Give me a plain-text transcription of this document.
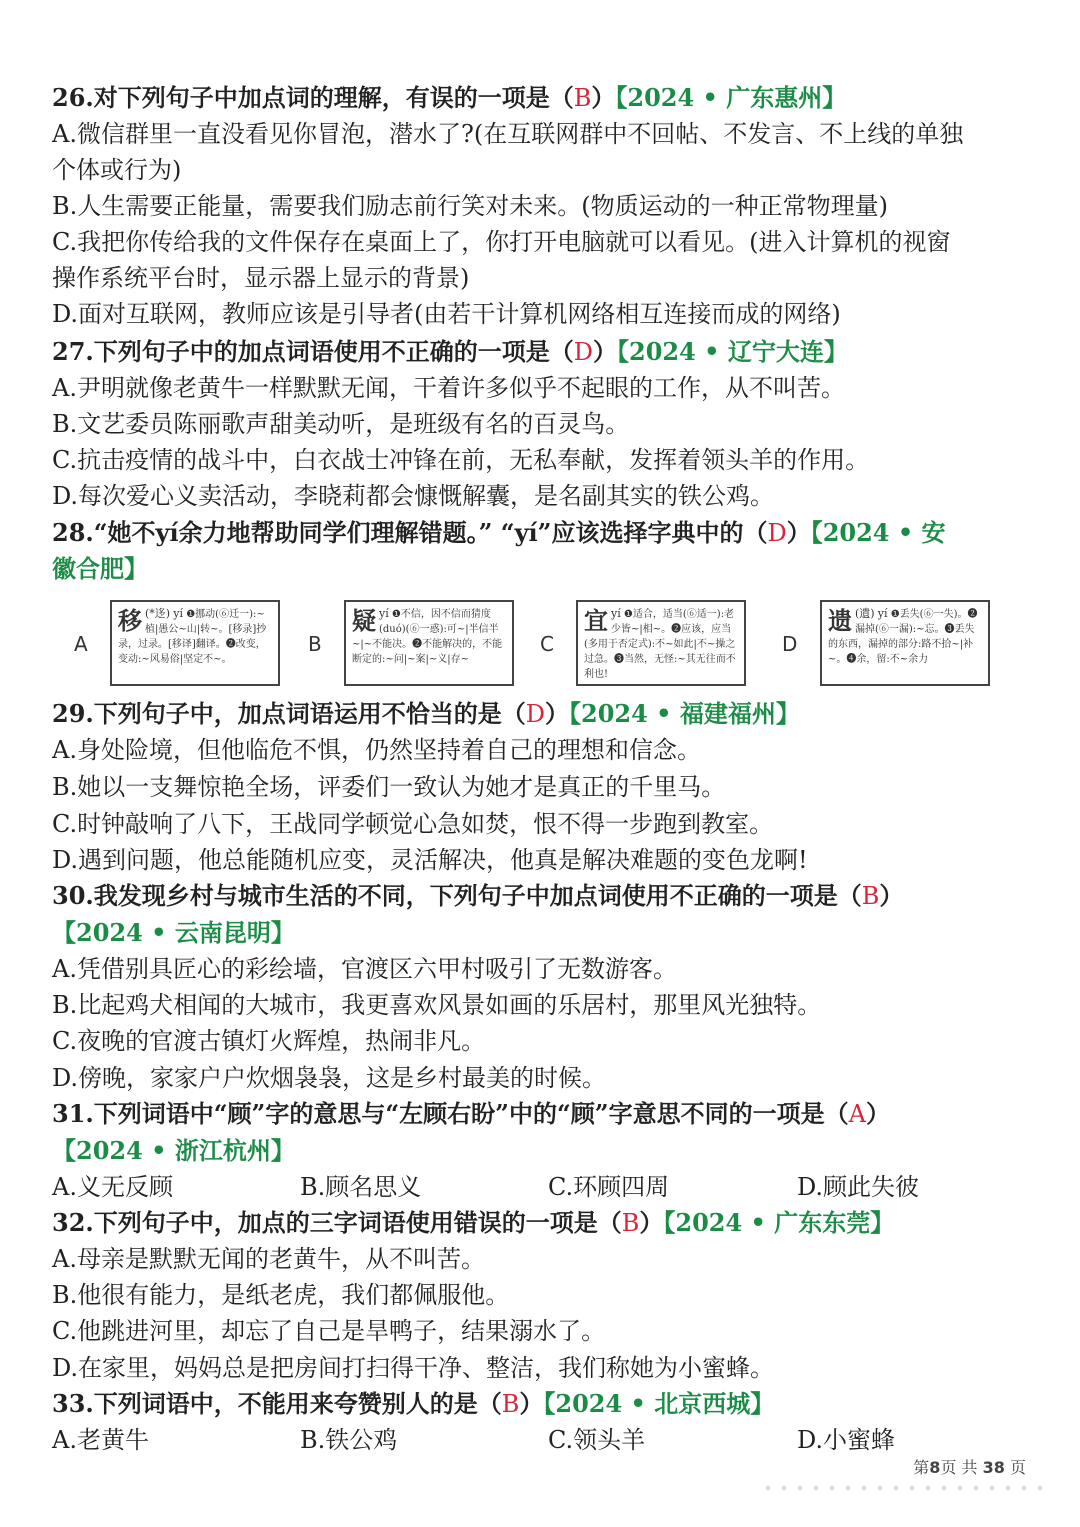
26.对下列句子中加点词的理解，有误的一项是（B）【2024 • 广东惠州】
A.微信群里一直没看见你冒泡，潜水了?(在互联网群中不回帖、不发言、不上线的单独
个体或行为)
B.人生需要正能量，需要我们励志前行笑对未来。(物质运动的一种正常物理量)
C.我把你传给我的文件保存在桌面上了，你打开电脑就可以看见。(进入计算机的视窗
操作系统平台时，显示器上显示的背景)
D.面对互联网，教师应该是引导者(由若干计算机网络相互连接而成的网络)
27.下列句子中的加点词语使用不正确的一项是（D）【2024 • 辽宁大连】
A.尹明就像老黄牛一样默默无闻，干着许多似乎不起眼的工作，从不叫苦。
B.文艺委员陈丽歌声甜美动听，是班级有名的百灵鸟。
C.抗击疫情的战斗中，白衣战士冲锋在前，无私奉献，发挥着领头羊的作用。
D.每次爱心义卖活动，李晓莉都会慷慨解囊，是名副其实的铁公鸡。
28.“她不yí余力地帮助同学们理解错题。” “yí”应该选择字典中的（D）【2024 • 安
徽合肥】
A
移 (*迻) yí ❶挪动(⑥迁一):~植|愚公~山|转~。[移录]抄录，过录。[移译]翻译。❷改变，变动:~风易俗|坚定不~。
B
疑 yí ❶不信，因不信而猜度(duó)(⑥一惑):可~|半信半~|~不能决。❷不能解决的，不能断定的:~问|~案|~义|存~
C
宜 yí ❶适合，适当(⑥适一):老少皆~|相~。❷应该，应当(多用于否定式):不~如此|不~操之过急。❸当然，无怪:~其无往而不利也!
D
遗 (遺) yí ❶丢失(⑥一失)。❷漏掉(⑥一漏):~忘。❸丢失的东西，漏掉的部分:路不拾~|补~。❹余，留:不~余力
29.下列句子中，加点词语运用不恰当的是（D）【2024 • 福建福州】
A.身处险境，但他临危不惧，仍然坚持着自己的理想和信念。
B.她以一支舞惊艳全场，评委们一致认为她才是真正的千里马。
C.时钟敲响了八下，王战同学顿觉心急如焚，恨不得一步跑到教室。
D.遇到问题，他总能随机应变，灵活解决，他真是解决难题的变色龙啊!
30.我发现乡村与城市生活的不同，下列句子中加点词使用不正确的一项是（B）
【2024 • 云南昆明】
A.凭借别具匠心的彩绘墙，官渡区六甲村吸引了无数游客。
B.比起鸡犬相闻的大城市，我更喜欢风景如画的乐居村，那里风光独特。
C.夜晚的官渡古镇灯火辉煌，热闹非凡。
D.傍晚，家家户户炊烟袅袅，这是乡村最美的时候。
31.下列词语中“顾”字的意思与“左顾右盼”中的“顾”字意思不同的一项是（A）
【2024 • 浙江杭州】
A.义无反顾	B.顾名思义	C.环顾四周	D.顾此失彼
32.下列句子中，加点的三字词语使用错误的一项是（B）【2024 • 广东东莞】
A.母亲是默默无闻的老黄牛，从不叫苦。
B.他很有能力，是纸老虎，我们都佩服他。
C.他跳进河里，却忘了自己是旱鸭子，结果溺水了。
D.在家里，妈妈总是把房间打扫得干净、整洁，我们称她为小蜜蜂。
33.下列词语中，不能用来夸赞别人的是（B）【2024 • 北京西城】
A.老黄牛	B.铁公鸡	C.领头羊	D.小蜜蜂
第8页 共 38 页
